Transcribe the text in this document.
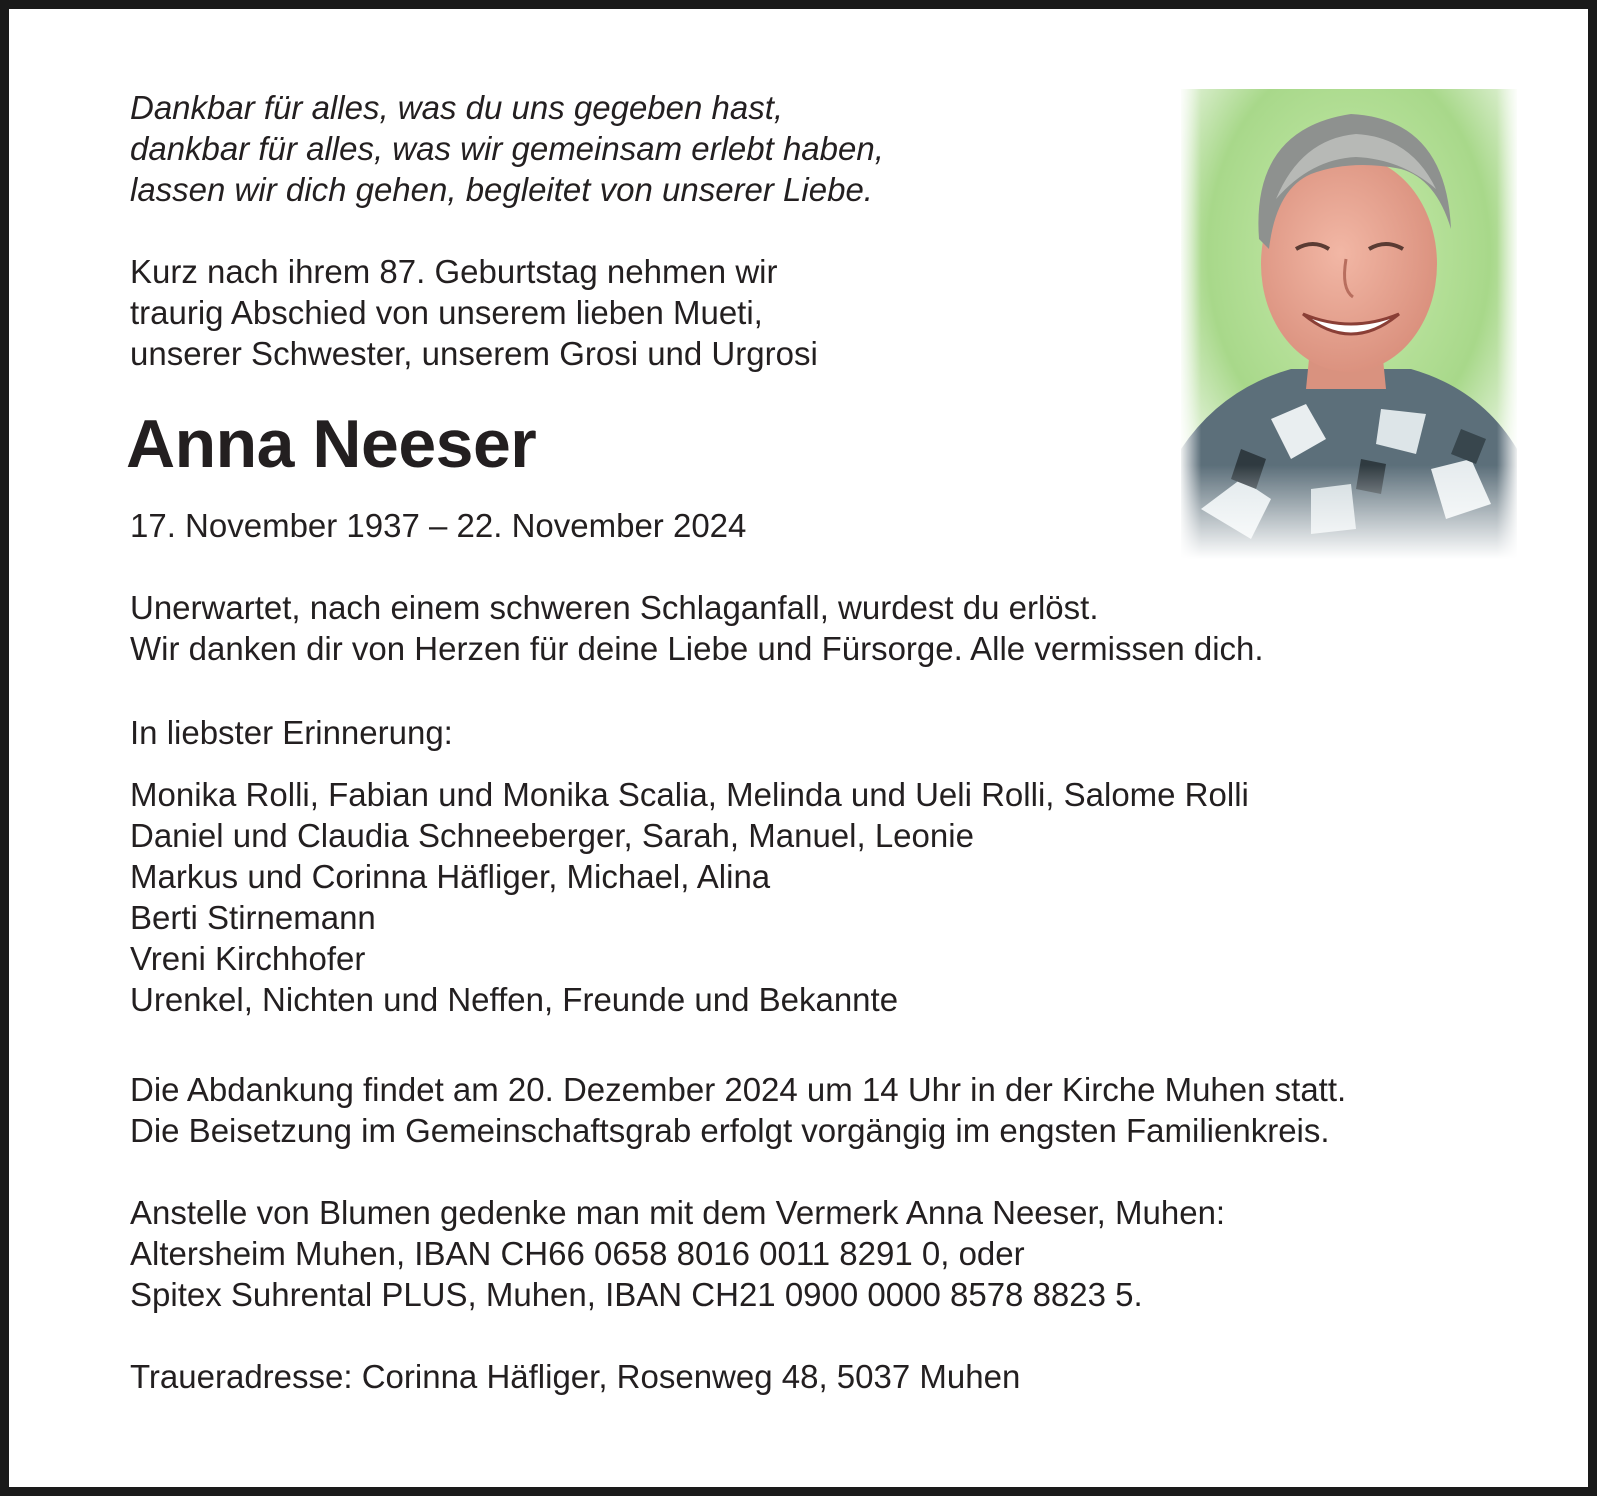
Dankbar für alles, was du uns gegeben hast,
dankbar für alles, was wir gemeinsam erlebt haben,
lassen wir dich gehen, begleitet von unserer Liebe.
Kurz nach ihrem 87. Geburtstag nehmen wir
traurig Abschied von unserem lieben Mueti,
unserer Schwester, unserem Grosi und Urgrosi
Anna Neeser
17. November 1937 – 22. November 2024
Unerwartet, nach einem schweren Schlaganfall, wurdest du erlöst.
Wir danken dir von Herzen für deine Liebe und Fürsorge. Alle vermissen dich.
In liebster Erinnerung:
Monika Rolli, Fabian und Monika Scalia, Melinda und Ueli Rolli, Salome Rolli
Daniel und Claudia Schneeberger, Sarah, Manuel, Leonie
Markus und Corinna Häfliger, Michael, Alina
Berti Stirnemann
Vreni Kirchhofer
Urenkel, Nichten und Neffen, Freunde und Bekannte
Die Abdankung findet am 20. Dezember 2024 um 14 Uhr in der Kirche Muhen statt.
Die Beisetzung im Gemeinschaftsgrab erfolgt vorgängig im engsten Familienkreis.
Anstelle von Blumen gedenke man mit dem Vermerk Anna Neeser, Muhen:
Altersheim Muhen, IBAN CH66 0658 8016 0011 8291 0, oder
Spitex Suhrental PLUS, Muhen, IBAN CH21 0900 0000 8578 8823 5.
Traueradresse: Corinna Häfliger, Rosenweg 48, 5037 Muhen
